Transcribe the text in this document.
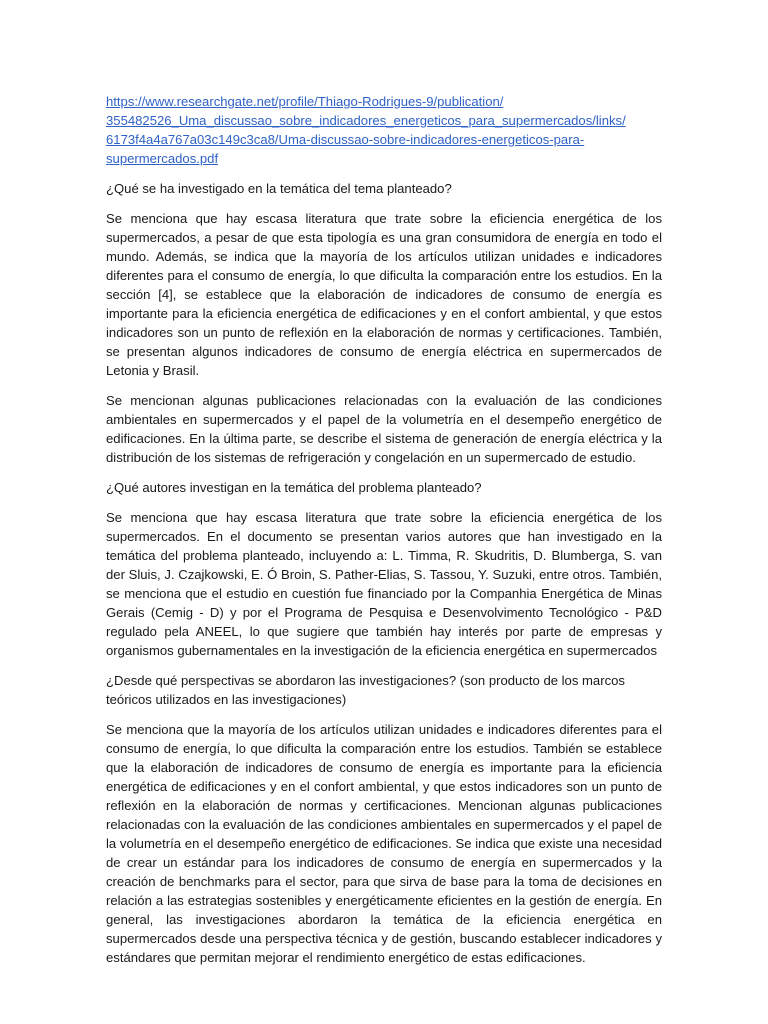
https://www.researchgate.net/profile/Thiago-Rodrigues-9/publication/
355482526_Uma_discussao_sobre_indicadores_energeticos_para_supermercados/links/
6173f4a4a767a03c149c3ca8/Uma-discussao-sobre-indicadores-energeticos-para-
supermercados.pdf

¿Qué se ha investigado en la temática del tema planteado?

Se menciona que hay escasa literatura que trate sobre la eficiencia energética de los supermercados, a pesar de que esta tipología es una gran consumidora de energía en todo el mundo. Además, se indica que la mayoría de los artículos utilizan unidades e indicadores diferentes para el consumo de energía, lo que dificulta la comparación entre los estudios. En la sección [4], se establece que la elaboración de indicadores de consumo de energía es importante para la eficiencia energética de edificaciones y en el confort ambiental, y que estos indicadores son un punto de reflexión en la elaboración de normas y certificaciones. También, se presentan algunos indicadores de consumo de energía eléctrica en supermercados de Letonia y Brasil.

Se mencionan algunas publicaciones relacionadas con la evaluación de las condiciones ambientales en supermercados y el papel de la volumetría en el desempeño energético de edificaciones. En la última parte, se describe el sistema de generación de energía eléctrica y la distribución de los sistemas de refrigeración y congelación en un supermercado de estudio.

¿Qué autores investigan en la temática del problema planteado?

Se menciona que hay escasa literatura que trate sobre la eficiencia energética de los supermercados. En el documento se presentan varios autores que han investigado en la temática del problema planteado, incluyendo a: L. Timma, R. Skudritis, D. Blumberga, S. van der Sluis, J. Czajkowski, E. Ó Broin, S. Pather-Elias, S. Tassou, Y. Suzuki, entre otros. También, se menciona que el estudio en cuestión fue financiado por la Companhia Energética de Minas Gerais (Cemig - D) y por el Programa de Pesquisa e Desenvolvimento Tecnológico - P&D regulado pela ANEEL, lo que sugiere que también hay interés por parte de empresas y organismos gubernamentales en la investigación de la eficiencia energética en supermercados

¿Desde qué perspectivas se abordaron las investigaciones? (son producto de los marcos teóricos utilizados en las investigaciones)

Se menciona que la mayoría de los artículos utilizan unidades e indicadores diferentes para el consumo de energía, lo que dificulta la comparación entre los estudios. También se establece que la elaboración de indicadores de consumo de energía es importante para la eficiencia energética de edificaciones y en el confort ambiental, y que estos indicadores son un punto de reflexión en la elaboración de normas y certificaciones. Mencionan algunas publicaciones relacionadas con la evaluación de las condiciones ambientales en supermercados y el papel de la volumetría en el desempeño energético de edificaciones. Se indica que existe una necesidad de crear un estándar para los indicadores de consumo de energía en supermercados y la creación de benchmarks para el sector, para que sirva de base para la toma de decisiones en relación a las estrategias sostenibles y energéticamente eficientes en la gestión de energía. En general, las investigaciones abordaron la temática de la eficiencia energética en supermercados desde una perspectiva técnica y de gestión, buscando establecer indicadores y estándares que permitan mejorar el rendimiento energético de estas edificaciones.
